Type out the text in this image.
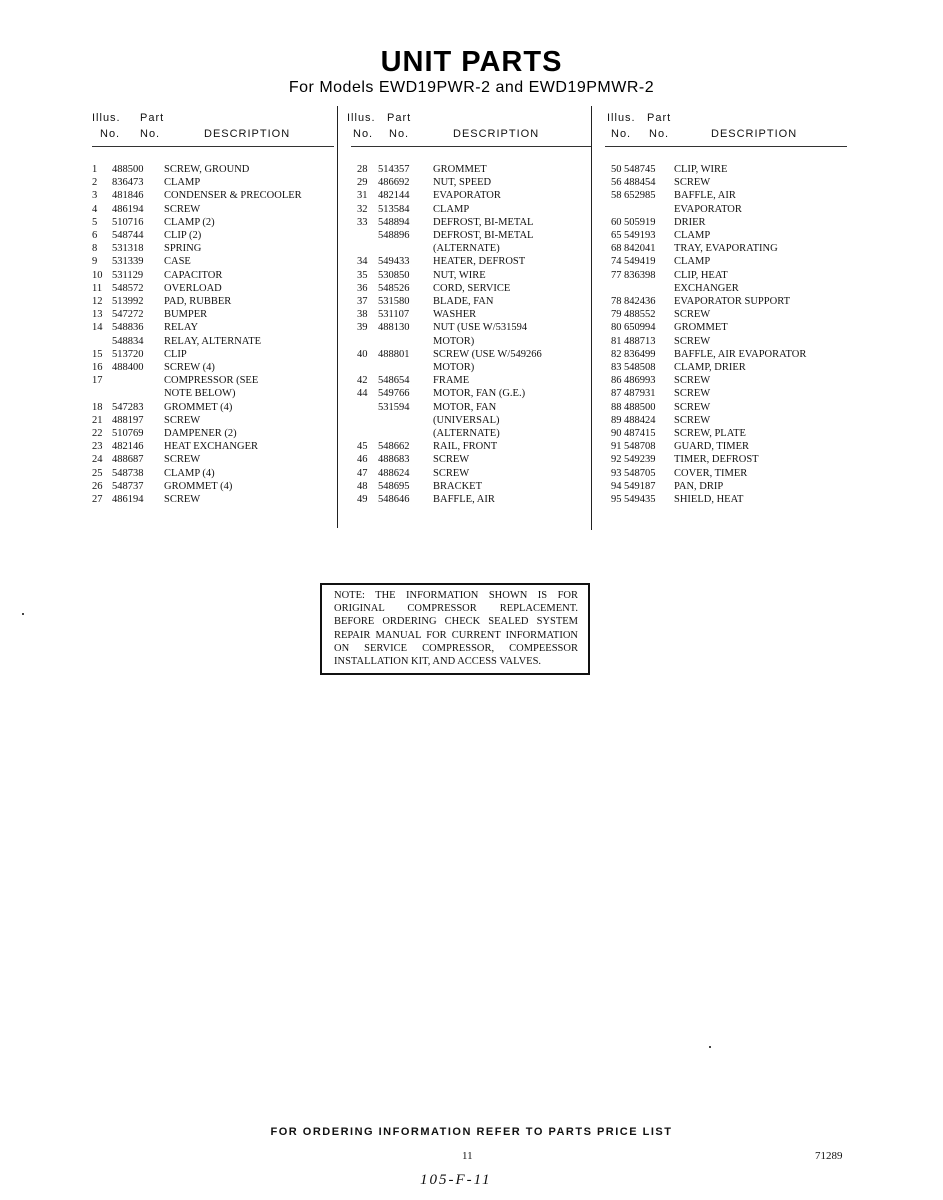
UNIT PARTS
For Models EWD19PWR-2 and EWD19PMWR-2
Illus. Part
No. No.	DESCRIPTION
1	488500	SCREW, GROUND
2	836473	CLAMP
3	481846	CONDENSER & PRECOOLER
4	486194	SCREW
5	510716	CLAMP (2)
6	548744	CLIP (2)
8	531318	SPRING
9	531339	CASE
10 531129	CAPACITOR
11 548572	OVERLOAD
12 513992	PAD, RUBBER
13 547272	BUMPER
14 548836	RELAY
548834	RELAY, ALTERNATE
15 513720	CLIP
16 488400	SCREW (4)
17	COMPRESSOR (SEE
NOTE BELOW)
18 547283	GROMMET (4)
21 488197	SCREW
22 510769	DAMPENER (2)
23 482146	HEAT EXCHANGER
24 488687	SCREW
25 548738	CLAMP (4)
26 548737	GROMMET (4)
27 486194	SCREW
Illus. Part
No. No.	DESCRIPTION
28	514357	GROMMET
29	486692	NUT, SPEED
31	482144	EVAPORATOR
32	513584	CLAMP
33	548894	DEFROST, BI-METAL
548896	DEFROST, BI-METAL
(ALTERNATE)
34	549433	HEATER, DEFROST
35	530850	NUT, WIRE
36	548526	CORD, SERVICE
37	531580	BLADE, FAN
38	531107	WASHER
39	488130	NUT (USE W/531594
MOTOR)
40	488801	SCREW (USE W/549266
MOTOR)
42	548654	FRAME
44	549766	MOTOR, FAN (G.E.)
531594	MOTOR, FAN
(UNIVERSAL)
(ALTERNATE)
45	548662	RAIL, FRONT
46	488683	SCREW
47	488624	SCREW
48	548695	BRACKET
49	548646	BAFFLE, AIR
Illus. Part
No. No.	DESCRIPTION
50 548745	CLIP, WIRE
56 488454	SCREW
58 652985	BAFFLE, AIR
EVAPORATOR
60 505919	DRIER
65 549193	CLAMP
68 842041	TRAY, EVAPORATING
74 549419	CLAMP
77 836398	CLIP, HEAT
EXCHANGER
78 842436	EVAPORATOR SUPPORT
79 488552	SCREW
80 650994	GROMMET
81 488713	SCREW
82 836499	BAFFLE, AIR EVAPORATOR
83 548508	CLAMP, DRIER
86 486993	SCREW
87 487931	SCREW
88 488500	SCREW
89 488424	SCREW
90 487415	SCREW, PLATE
91 548708	GUARD, TIMER
92 549239	TIMER, DEFROST
93 548705	COVER, TIMER
94 549187	PAN, DRIP
95 549435	SHIELD, HEAT
NOTE: THE INFORMATION SHOWN IS FOR ORIGINAL COMPRESSOR REPLACEMENT. BEFORE ORDERING CHECK SEALED SYSTEM REPAIR MANUAL FOR CURRENT INFORMATION ON SERVICE COMPRESSOR, COMPEESSOR INSTALLATION KIT, AND ACCESS VALVES.
FOR ORDERING INFORMATION REFER TO PARTS PRICE LIST
11	71289
105-F-11
